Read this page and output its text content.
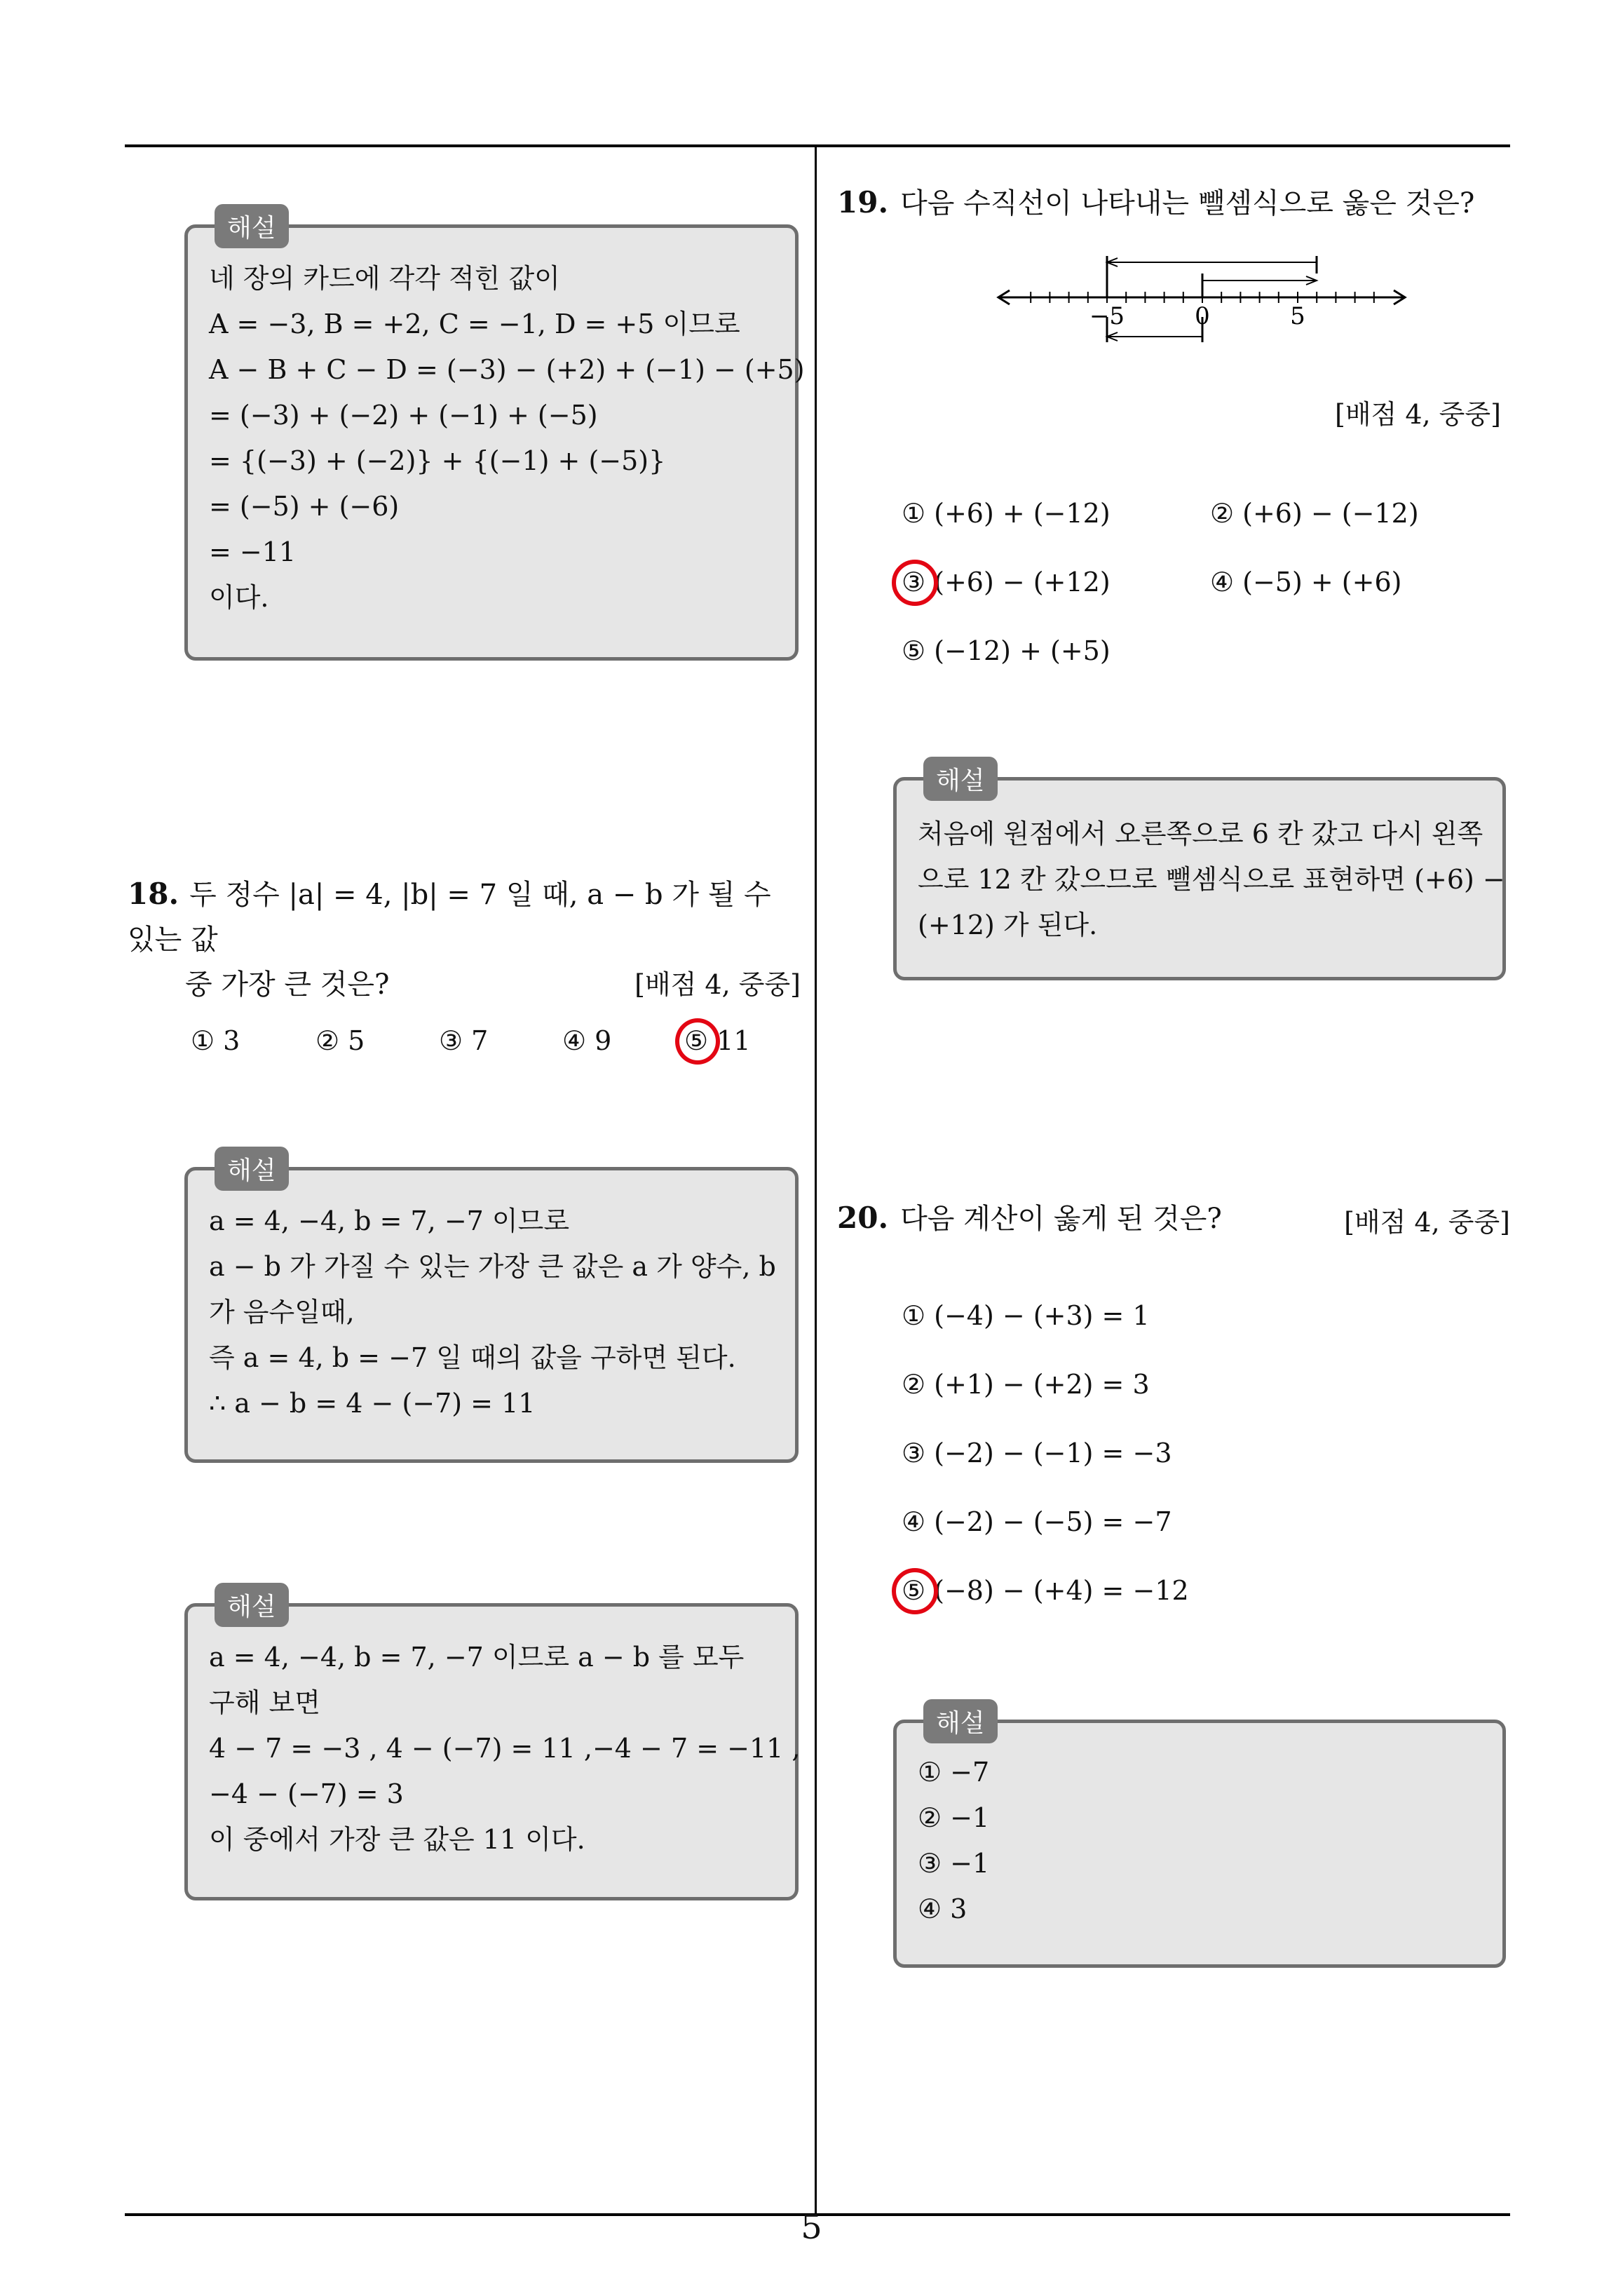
해설
네 장의 카드에 각각 적힌 값이
A = −3, B = +2, C = −1, D = +5 이므로
A − B + C − D = (−3) − (+2) + (−1) − (+5)
= (−3) + (−2) + (−1) + (−5)
= {(−3) + (−2)} + {(−1) + (−5)}
= (−5) + (−6)
= −11
이다.
18. 두 정수 |a| = 4, |b| = 7 일 때, a − b 가 될 수 있는 값
중 가장 큰 것은?	[배점 4, 중중]
① 3	② 5	③ 7	④ 9	⑤ 11
해설
a = 4, −4, b = 7, −7 이므로
a − b 가 가질 수 있는 가장 큰 값은 a 가 양수, b
가 음수일때,
즉 a = 4, b = −7 일 때의 값을 구하면 된다.
∴ a − b = 4 − (−7) = 11
해설
a = 4, −4, b = 7, −7 이므로 a − b 를 모두
구해 보면
4 − 7 = −3 , 4 − (−7) = 11 ,−4 − 7 = −11 ,
−4 − (−7) = 3
이 중에서 가장 큰 값은 11 이다.
19. 다음 수직선이 나타내는 뺄셈식으로 옳은 것은?
−5	0	5
[배점 4, 중중]
① (+6) + (−12)	② (+6) − (−12)
③ (+6) − (+12)	④ (−5) + (+6)
⑤ (−12) + (+5)
해설
처음에 원점에서 오른쪽으로 6 칸 갔고 다시 왼쪽
으로 12 칸 갔으므로 뺄셈식으로 표현하면 (+6) −
(+12) 가 된다.
20. 다음 계산이 옳게 된 것은?	[배점 4, 중중]
① (−4) − (+3) = 1
② (+1) − (+2) = 3
③ (−2) − (−1) = −3
④ (−2) − (−5) = −7
⑤ (−8) − (+4) = −12
해설
① −7
② −1
③ −1
④ 3
5
